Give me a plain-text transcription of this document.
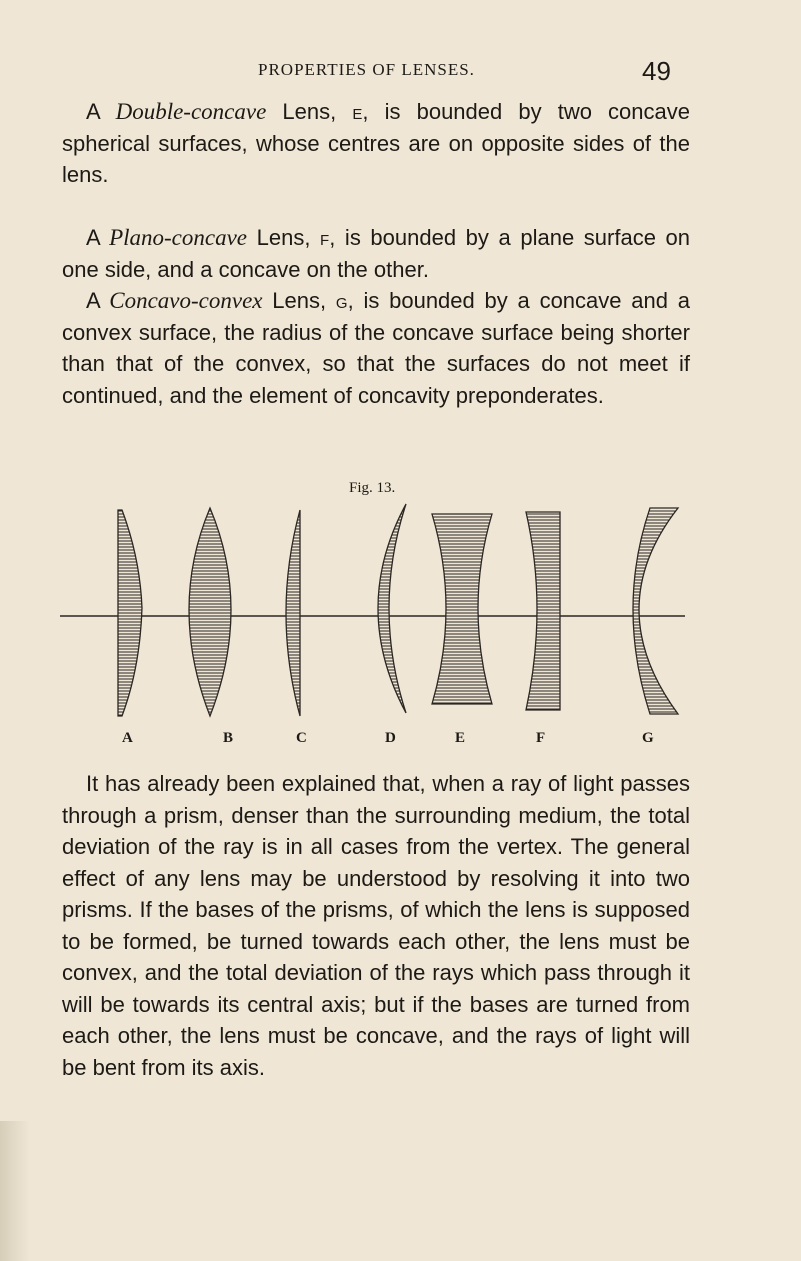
PROPERTIES OF LENSES.	49

A Double-concave Lens, e, is bounded by two concave spherical surfaces, whose centres are on opposite sides of the lens.

A Plano-concave Lens, f, is bounded by a plane surface on one side, and a concave on the other.

A Concavo-convex Lens, g, is bounded by a concave and a convex surface, the radius of the concave surface being shorter than that of the convex, so that the surfaces do not meet if continued, and the element of concavity preponderates.

Fig. 13.
A	B	C	D	E	F	G

It has already been explained that, when a ray of light passes through a prism, denser than the surrounding medium, the total deviation of the ray is in all cases from the vertex. The general effect of any lens may be understood by resolving it into two prisms. If the bases of the prisms, of which the lens is supposed to be formed, be turned towards each other, the lens must be convex, and the total deviation of the rays which pass through it will be towards its central axis; but if the bases are turned from each other, the lens must be concave, and the rays of light will be bent from its axis.
